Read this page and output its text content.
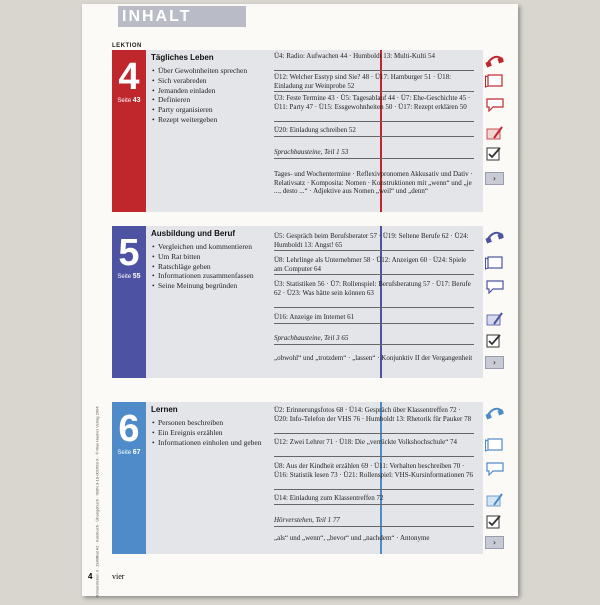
INHALT
LEKTION
Hörverstehen 3 · Zertifikat A2 · Kursbuch · Übungsbuch · ISBN 3-19-001693-X · © Max Hueber Verlag 2004
4
Seite 43
Tägliches Leben
• Über Gewohnheiten sprechen
• Sich verabreden
• Jemanden einladen
• Definieren
• Party organisieren
• Rezept weitergeben
Ü4: Radio: Aufwachen 44 · Humboldt 13: Multi-Kulti 54
Ü12: Welcher Esstyp sind Sie? 48 · Ü17: Hamburger 51 · Ü18: Einladung zur Weinprobe 52
Ü3: Feste Termine 43 · Ü5: Tagesablauf 44 · Ü7: Ehe-Geschichte 45 · Ü11: Party 47 · Ü15: Essgewohnheiten 50 · Ü17: Rezept erklären 50
Ü20: Einladung schreiben 52
Sprachbausteine, Teil 1 53
Tages- und Wochentermine · Reflexivpronomen Akkusativ und Dativ · Relativsatz · Komposita: Nomen · Konstruktionen mit „wenn“ und „je ..., desto ...“ · Adjektive aus Nomen „weil“ und „denn“
›
5
Seite 55
Ausbildung und Beruf
• Vergleichen und kommentieren
• Um Rat bitten
• Ratschläge geben
• Informationen zusammenfassen
• Seine Meinung begründen
Ü5: Gespräch beim Berufsberater 57 · Ü19: Seltene Berufe 62 · Ü24: Humboldt 13: Angst! 65
Ü8: Lehrlinge als Unternehmer 58 · Ü12: Anzeigen 60 · Ü24: Spiele am Computer 64
Ü3: Statistiken 56 · Ü7: Rollenspiel: Berufsberatung 57 · Ü17: Berufe 62 · Ü23: Was hätte sein können 63
Ü16: Anzeige im Internet 61
Sprachbausteine, Teil 3 65
„obwohl“ und „trotzdem“ · „lassen“ · Konjunktiv II der Vergangenheit	›
6
Seite 67
Lernen
• Personen beschreiben
• Ein Ereignis erzählen
• Informationen einholen und geben
Ü2: Erinnerungsfotos 68 · Ü14: Gespräch über Klassentreffen 72 · Ü20: Info-Telefon der VHS 76 · Humboldt 13: Rhetorik für Pauker 78
Ü12: Zwei Lehrer 71 · Ü18: Die „verrückte Volkshochschule“ 74
Ü8: Aus der Kindheit erzählen 69 · Ü11: Verhalten beschreiben 70 · Ü16: Statistik lesen 73 · Ü21: Rollenspiel: VHS-Kursinformationen 76
Ü14: Einladung zum Klassentreffen 72
Hörverstehen, Teil 1 77
„als“ und „wenn“, „bevor“ und „nachdem“ · Antonyme	›
4 vier
